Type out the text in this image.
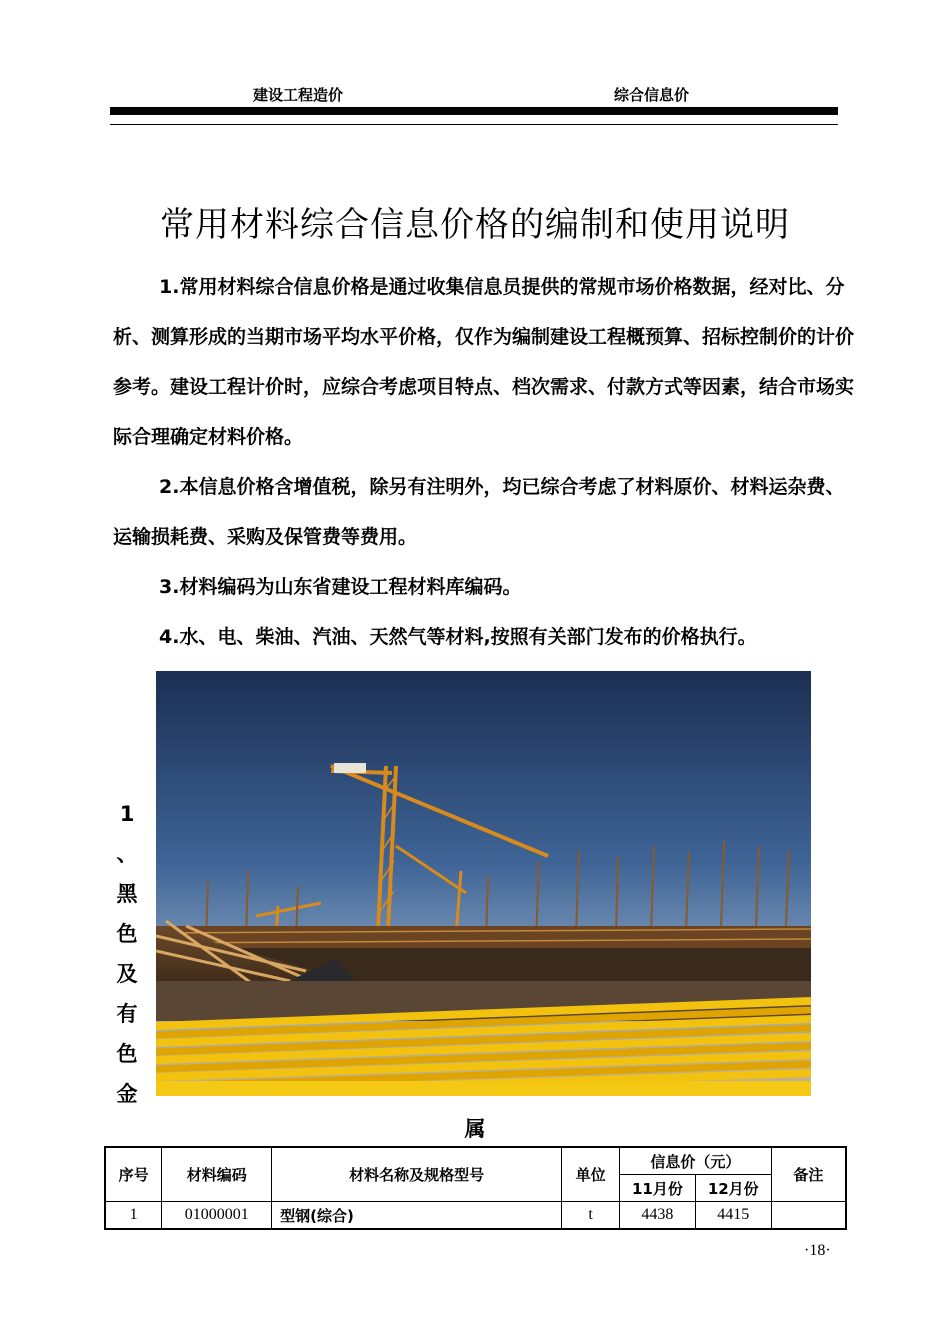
建设工程造价	综合信息价
常用材料综合信息价格的编制和使用说明

1.常用材料综合信息价格是通过收集信息员提供的常规市场价格数据，经对比、分析、测算形成的当期市场平均水平价格，仅作为编制建设工程概预算、招标控制价的计价参考。建设工程计价时，应综合考虑项目特点、档次需求、付款方式等因素，结合市场实际合理确定材料价格。

2.本信息价格含增值税，除另有注明外，均已综合考虑了材料原价、材料运杂费、运输损耗费、采购及保管费等费用。

3.材料编码为山东省建设工程材料库编码。

4.水、电、柴油、汽油、天然气等材料,按照有关部门发布的价格执行。

1
、
黑
色
及
有
色
金
属
序号	材料编码	材料名称及规格型号	单位	信息价（元）		备注
				11月份	12月份	
1	01000001	型钢(综合)	t	4438	4415	
·18·
